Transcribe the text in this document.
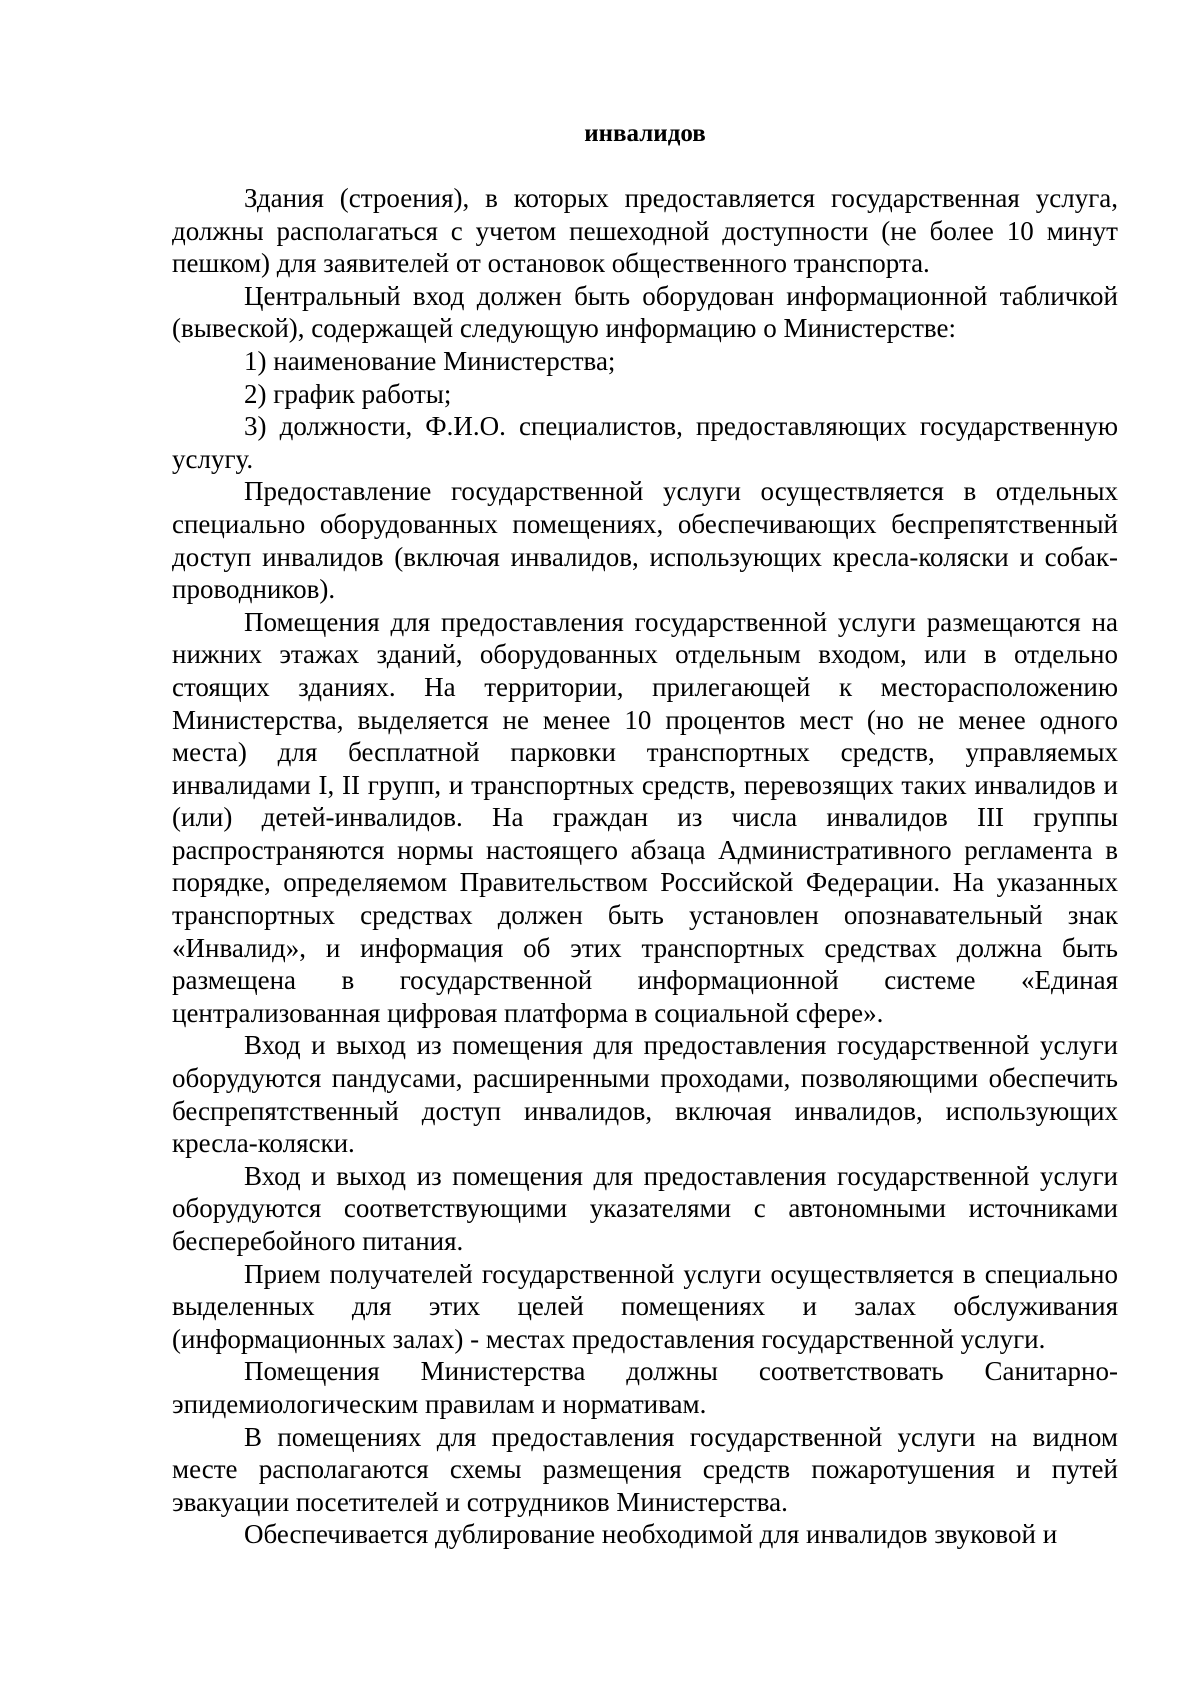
инвалидов

Здания (строения), в которых предоставляется государственная услуга, должны располагаться с учетом пешеходной доступности (не более 10 минут пешком) для заявителей от остановок общественного транспорта.

Центральный вход должен быть оборудован информационной табличкой (вывеской), содержащей следующую информацию о Министерстве:

1) наименование Министерства;

2) график работы;

3) должности, Ф.И.О. специалистов, предоставляющих государственную услугу.

Предоставление государственной услуги осуществляется в отдельных специально оборудованных помещениях, обеспечивающих беспрепятственный доступ инвалидов (включая инвалидов, использующих кресла-коляски и собак-проводников).

Помещения для предоставления государственной услуги размещаются на нижних этажах зданий, оборудованных отдельным входом, или в отдельно стоящих зданиях. На территории, прилегающей к месторасположению Министерства, выделяется не менее 10 процентов мест (но не менее одного места) для бесплатной парковки транспортных средств, управляемых инвалидами I, II групп, и транспортных средств, перевозящих таких инвалидов и (или) детей-инвалидов. На граждан из числа инвалидов III группы распространяются нормы настоящего абзаца Административного регламента в порядке, определяемом Правительством Российской Федерации. На указанных транспортных средствах должен быть установлен опознавательный знак «Инвалид», и информация об этих транспортных средствах должна быть размещена в государственной информационной системе «Единая централизованная цифровая платформа в социальной сфере».

Вход и выход из помещения для предоставления государственной услуги оборудуются пандусами, расширенными проходами, позволяющими обеспечить беспрепятственный доступ инвалидов, включая инвалидов, использующих кресла-коляски.

Вход и выход из помещения для предоставления государственной услуги оборудуются соответствующими указателями с автономными источниками бесперебойного питания.

Прием получателей государственной услуги осуществляется в специально выделенных для этих целей помещениях и залах обслуживания (информационных залах) - местах предоставления государственной услуги.

Помещения Министерства должны соответствовать Санитарно-эпидемиологическим правилам и нормативам.

В помещениях для предоставления государственной услуги на видном месте располагаются схемы размещения средств пожаротушения и путей эвакуации посетителей и сотрудников Министерства.

Обеспечивается дублирование необходимой для инвалидов звуковой и
